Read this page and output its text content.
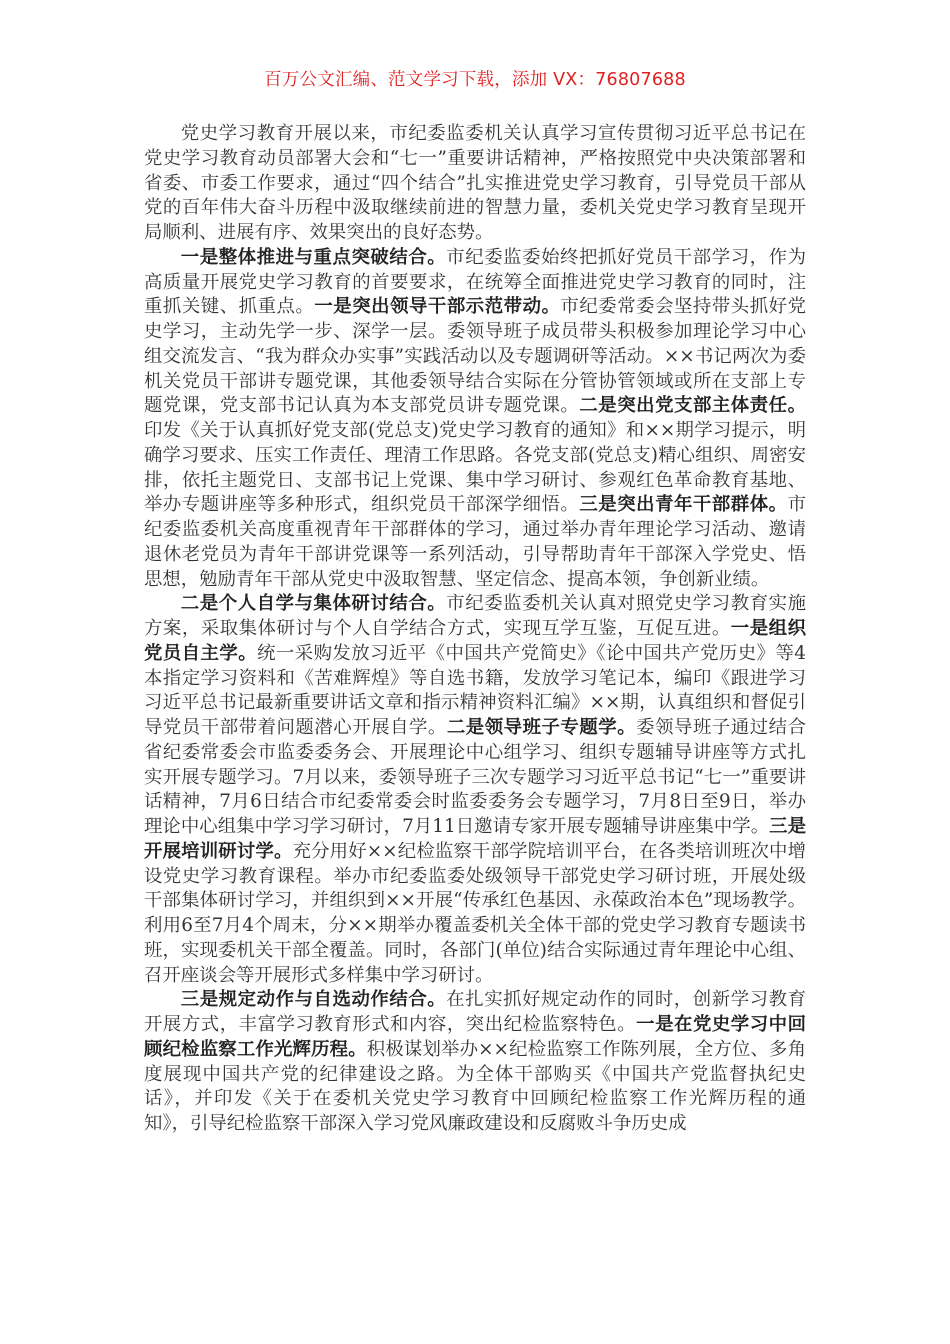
百万公文汇编、范文学习下载，添加 VX：76807688

党史学习教育开展以来，市纪委监委机关认真学习宣传贯彻习近平总书记在党史学习教育动员部署大会和“七一”重要讲话精神，严格按照党中央决策部署和省委、市委工作要求，通过“四个结合”扎实推进党史学习教育，引导党员干部从党的百年伟大奋斗历程中汲取继续前进的智慧力量，委机关党史学习教育呈现开局顺利、进展有序、效果突出的良好态势。

一是整体推进与重点突破结合。市纪委监委始终把抓好党员干部学习，作为高质量开展党史学习教育的首要要求，在统筹全面推进党史学习教育的同时，注重抓关键、抓重点。一是突出领导干部示范带动。市纪委常委会坚持带头抓好党史学习，主动先学一步、深学一层。委领导班子成员带头积极参加理论学习中心组交流发言、“我为群众办实事”实践活动以及专题调研等活动。××书记两次为委机关党员干部讲专题党课，其他委领导结合实际在分管协管领域或所在支部上专题党课，党支部书记认真为本支部党员讲专题党课。二是突出党支部主体责任。印发《关于认真抓好党支部(党总支)党史学习教育的通知》和××期学习提示，明确学习要求、压实工作责任、理清工作思路。各党支部(党总支)精心组织、周密安排，依托主题党日、支部书记上党课、集中学习研讨、参观红色革命教育基地、举办专题讲座等多种形式，组织党员干部深学细悟。三是突出青年干部群体。市纪委监委机关高度重视青年干部群体的学习，通过举办青年理论学习活动、邀请退休老党员为青年干部讲党课等一系列活动，引导帮助青年干部深入学党史、悟思想，勉励青年干部从党史中汲取智慧、坚定信念、提高本领，争创新业绩。

二是个人自学与集体研讨结合。市纪委监委机关认真对照党史学习教育实施方案，采取集体研讨与个人自学结合方式，实现互学互鉴，互促互进。一是组织党员自主学。统一采购发放习近平《中国共产党简史》《论中国共产党历史》等4本指定学习资料和《苦难辉煌》等自选书籍，发放学习笔记本，编印《跟进学习习近平总书记最新重要讲话文章和指示精神资料汇编》××期，认真组织和督促引导党员干部带着问题潜心开展自学。二是领导班子专题学。委领导班子通过结合省纪委常委会市监委委务会、开展理论中心组学习、组织专题辅导讲座等方式扎实开展专题学习。7月以来，委领导班子三次专题学习习近平总书记“七一”重要讲话精神，7月6日结合市纪委常委会时监委委务会专题学习，7月8日至9日，举办理论中心组集中学习学习研讨，7月11日邀请专家开展专题辅导讲座集中学。三是开展培训研讨学。充分用好××纪检监察干部学院培训平台，在各类培训班次中增设党史学习教育课程。举办市纪委监委处级领导干部党史学习研讨班，开展处级干部集体研讨学习，并组织到××开展“传承红色基因、永葆政治本色”现场教学。利用6至7月4个周末，分××期举办覆盖委机关全体干部的党史学习教育专题读书班，实现委机关干部全覆盖。同时，各部门(单位)结合实际通过青年理论中心组、召开座谈会等开展形式多样集中学习研讨。

三是规定动作与自选动作结合。在扎实抓好规定动作的同时，创新学习教育开展方式，丰富学习教育形式和内容，突出纪检监察特色。一是在党史学习中回顾纪检监察工作光辉历程。积极谋划举办××纪检监察工作陈列展，全方位、多角度展现中国共产党的纪律建设之路。为全体干部购买《中国共产党监督执纪史话》，并印发《关于在委机关党史学习教育中回顾纪检监察工作光辉历程的通知》，引导纪检监察干部深入学习党风廉政建设和反腐败斗争历史成
